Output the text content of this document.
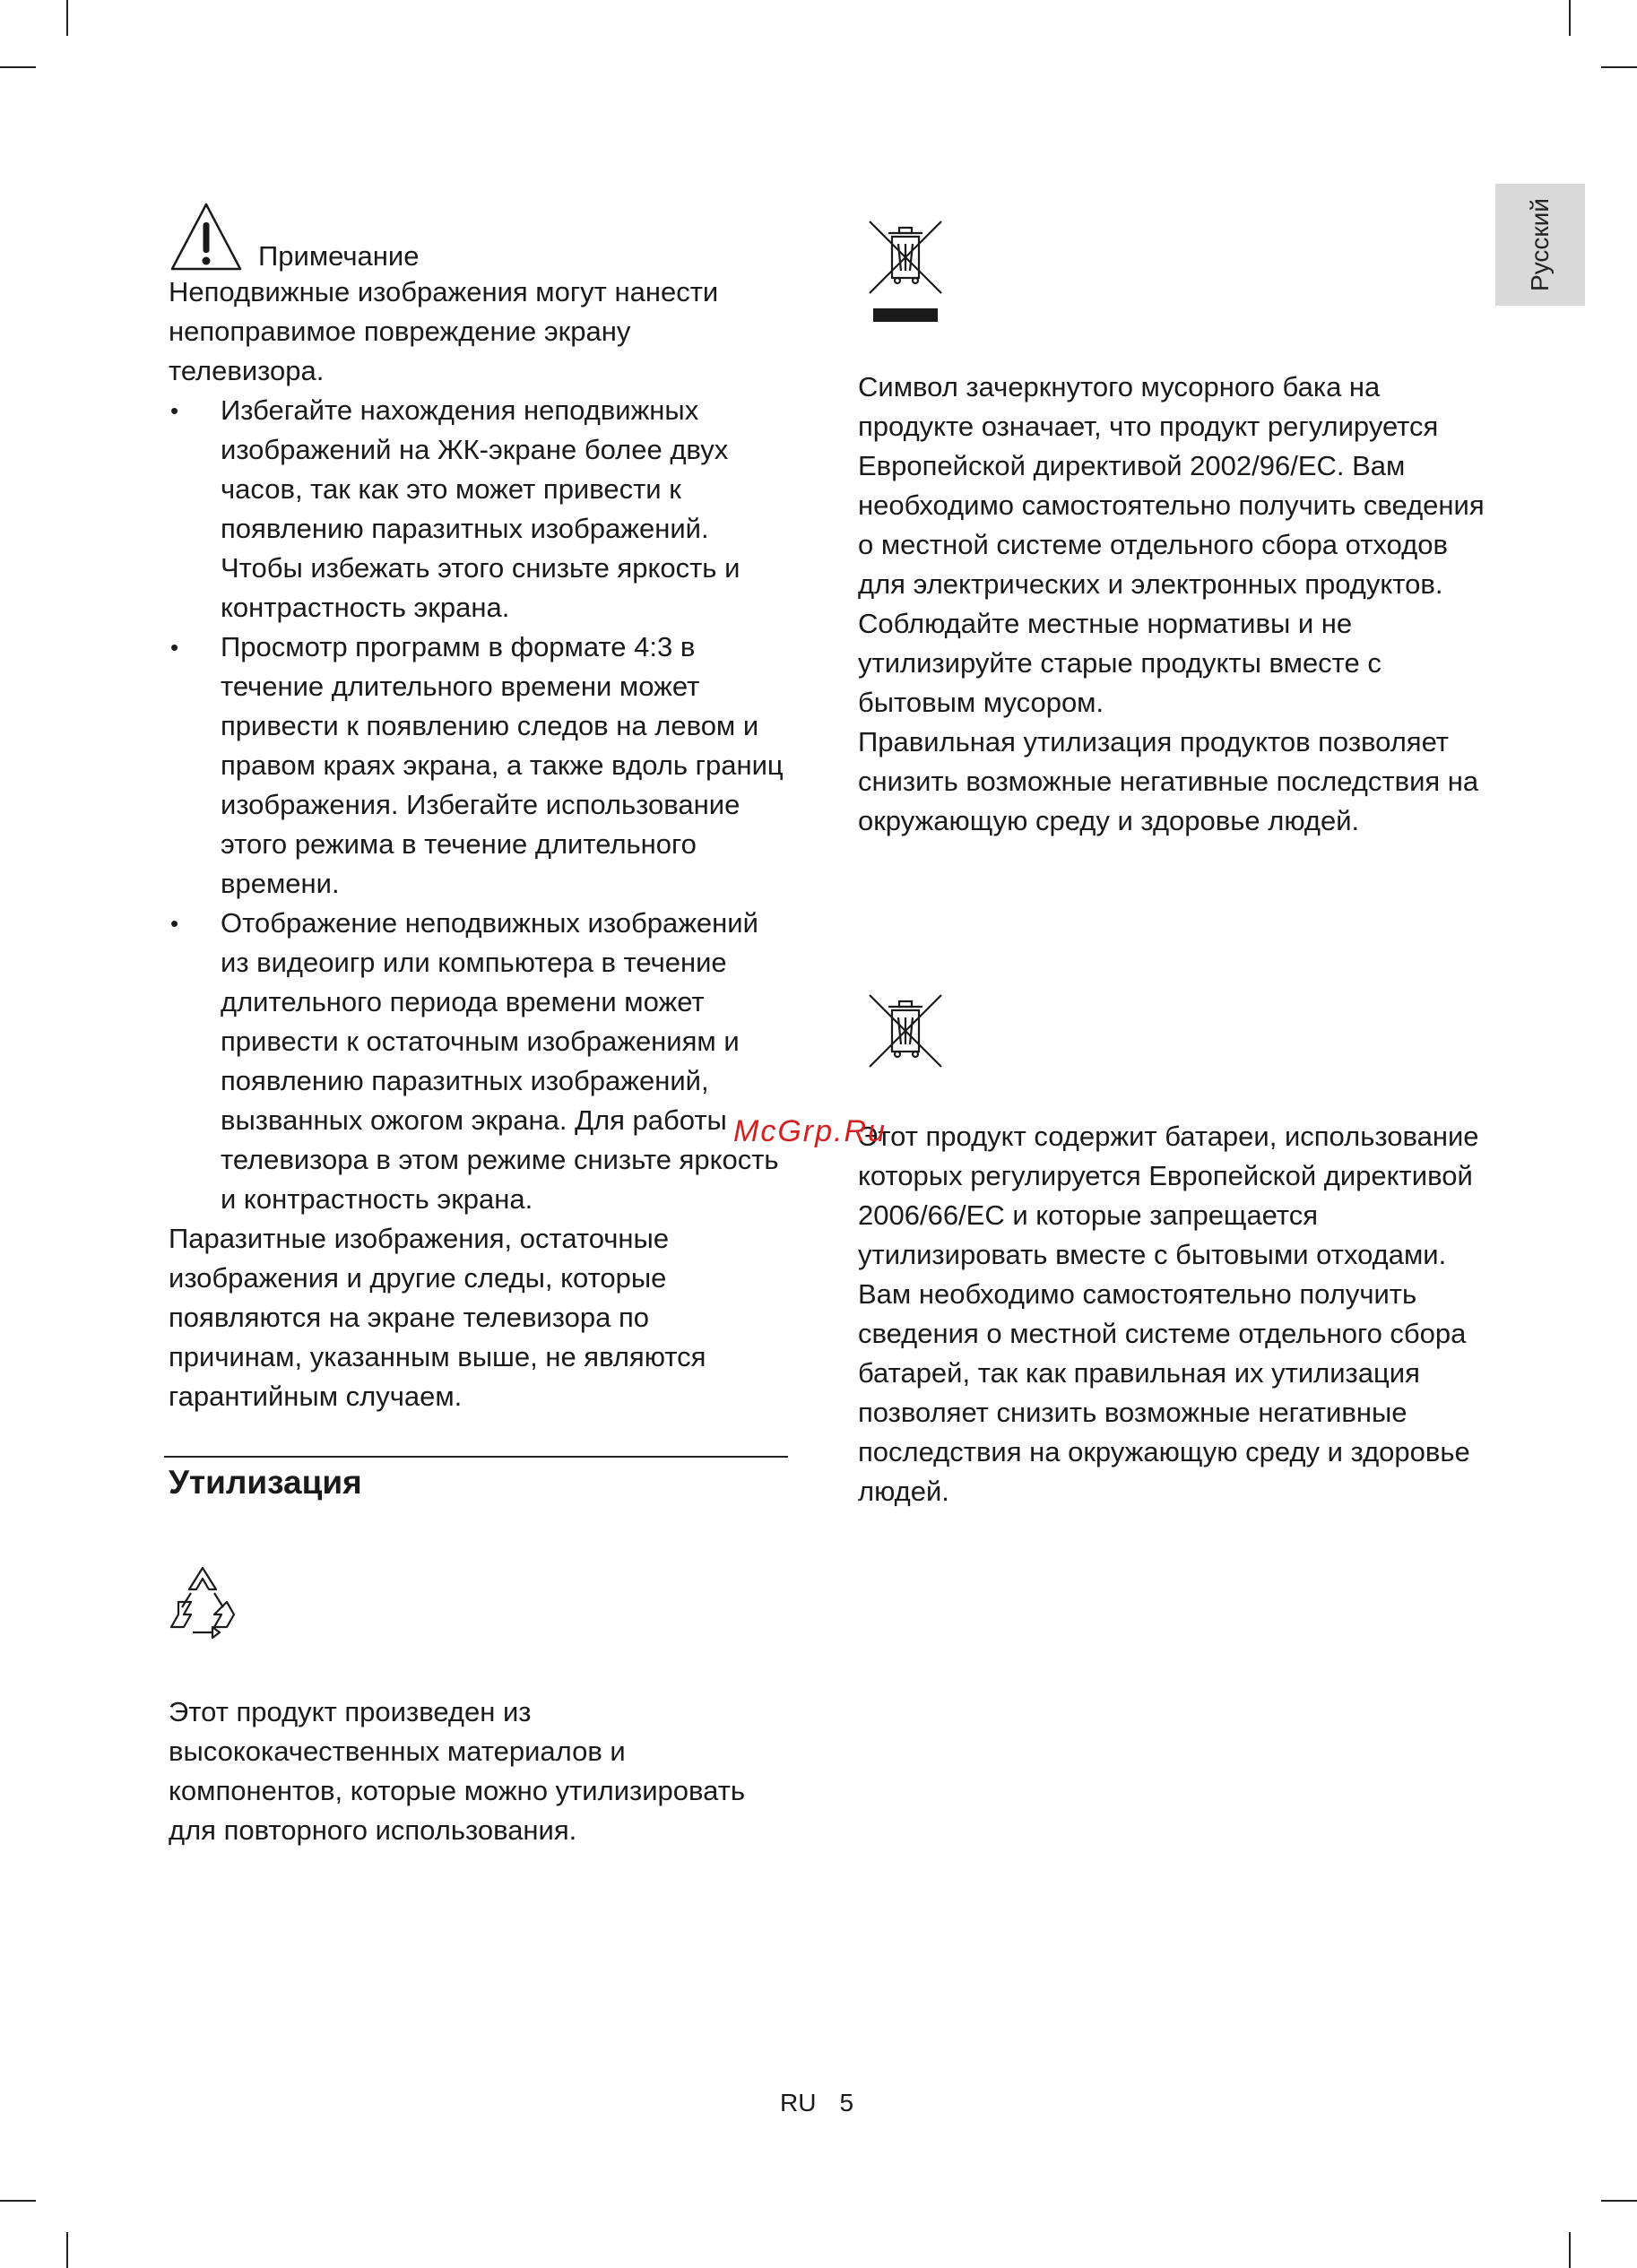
Русский
Примечание

Неподвижные изображения могут нанести непоправимое повреждение экрану телевизора.

• Избегайте нахождения неподвижных изображений на ЖК-экране более двух часов, так как это может привести к появлению паразитных изображений. Чтобы избежать этого снизьте яркость и контрастность экрана.
• Просмотр программ в формате 4:3 в течение длительного времени может привести к появлению следов на левом и правом краях экрана, а также вдоль границ изображения. Избегайте использование этого режима в течение длительного времени.
• Отображение неподвижных изображений из видеоигр или компьютера в течение длительного периода времени может привести к остаточным изображениям и появлению паразитных изображений, вызванных ожогом экрана. Для работы телевизора в этом режиме снизьте яркость и контрастность экрана.

Паразитные изображения, остаточные изображения и другие следы, которые появляются на экране телевизора по причинам, указанным выше, не являются гарантийным случаем.

Утилизация

Этот продукт произведен из высококачественных материалов и компонентов, которые можно утилизировать для повторного использования.

Символ зачеркнутого мусорного бака на продукте означает, что продукт регулируется Европейской директивой 2002/96/EC. Вам необходимо самостоятельно получить сведения о местной системе отдельного сбора отходов для электрических и электронных продуктов.

Соблюдайте местные нормативы и не утилизируйте старые продукты вместе с бытовым мусором.

Правильная утилизация продуктов позволяет снизить возможные негативные последствия на окружающую среду и здоровье людей.

Этот продукт содержит батареи, использование которых регулируется Европейской директивой 2006/66/EC и которые запрещается утилизировать вместе с бытовыми отходами. Вам необходимо самостоятельно получить сведения о местной системе отдельного сбора батарей, так как правильная их утилизация позволяет снизить возможные негативные последствия на окружающую среду и здоровье людей.

McGrp.Ru
RU 5
